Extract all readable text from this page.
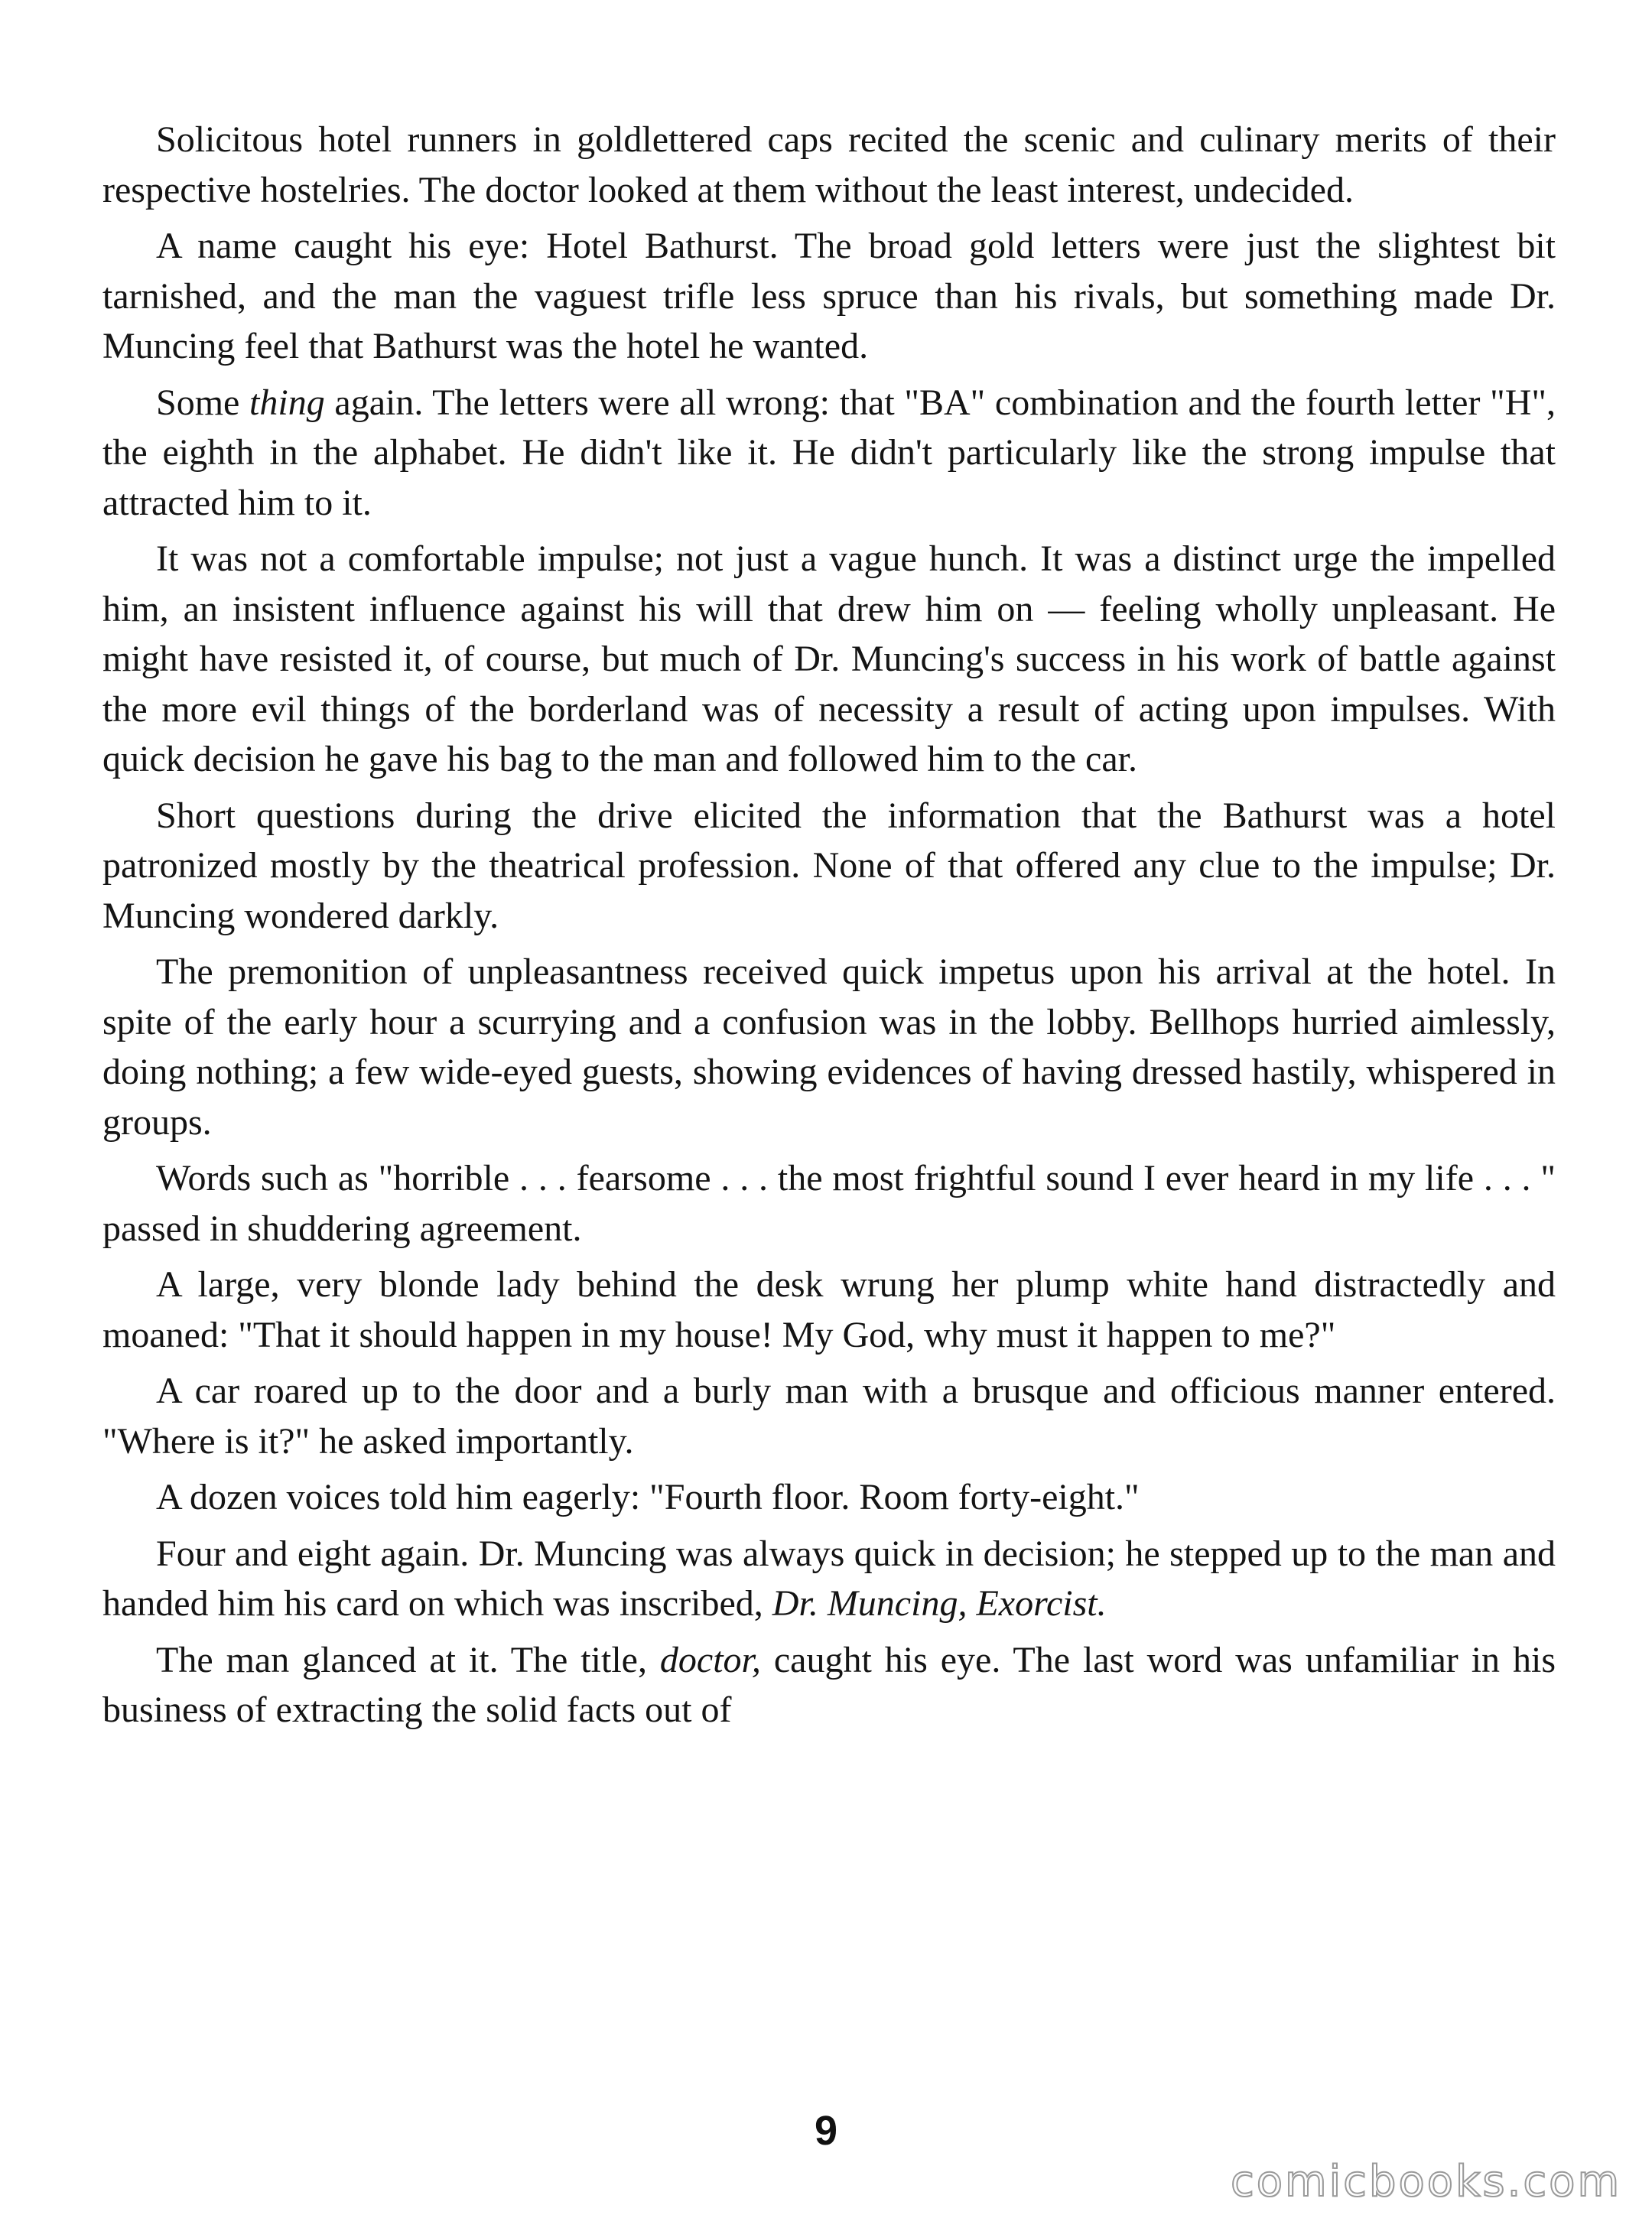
Solicitous hotel runners in goldlettered caps recited the scenic and culinary merits of their respective hostelries. The doctor looked at them without the least interest, undecided.

A name caught his eye: Hotel Bathurst. The broad gold letters were just the slightest bit tarnished, and the man the vaguest trifle less spruce than his rivals, but something made Dr. Muncing feel that Bathurst was the hotel he wanted.

Some thing again. The letters were all wrong: that "BA" combination and the fourth letter "H", the eighth in the alphabet. He didn't like it. He didn't particularly like the strong impulse that attracted him to it.

It was not a comfortable impulse; not just a vague hunch. It was a distinct urge the impelled him, an insistent influence against his will that drew him on — feeling wholly unpleasant. He might have resisted it, of course, but much of Dr. Muncing's success in his work of battle against the more evil things of the borderland was of necessity a result of acting upon impulses. With quick decision he gave his bag to the man and followed him to the car.

Short questions during the drive elicited the information that the Bathurst was a hotel patronized mostly by the theatrical profession. None of that offered any clue to the impulse; Dr. Muncing wondered darkly.

The premonition of unpleasantness received quick impetus upon his arrival at the hotel. In spite of the early hour a scurrying and a confusion was in the lobby. Bellhops hurried aimlessly, doing nothing; a few wide-eyed guests, showing evidences of having dressed hastily, whispered in groups.

Words such as "horrible . . . fearsome . . . the most frightful sound I ever heard in my life . . . " passed in shuddering agreement.

A large, very blonde lady behind the desk wrung her plump white hand distractedly and moaned: "That it should happen in my house! My God, why must it happen to me?"

A car roared up to the door and a burly man with a brusque and officious manner entered. "Where is it?" he asked importantly.

A dozen voices told him eagerly: "Fourth floor. Room forty-eight."

Four and eight again. Dr. Muncing was always quick in decision; he stepped up to the man and handed him his card on which was inscribed, Dr. Muncing, Exorcist.

The man glanced at it. The title, doctor, caught his eye. The last word was unfamiliar in his business of extracting the solid facts out of

9
comicbooks.com
